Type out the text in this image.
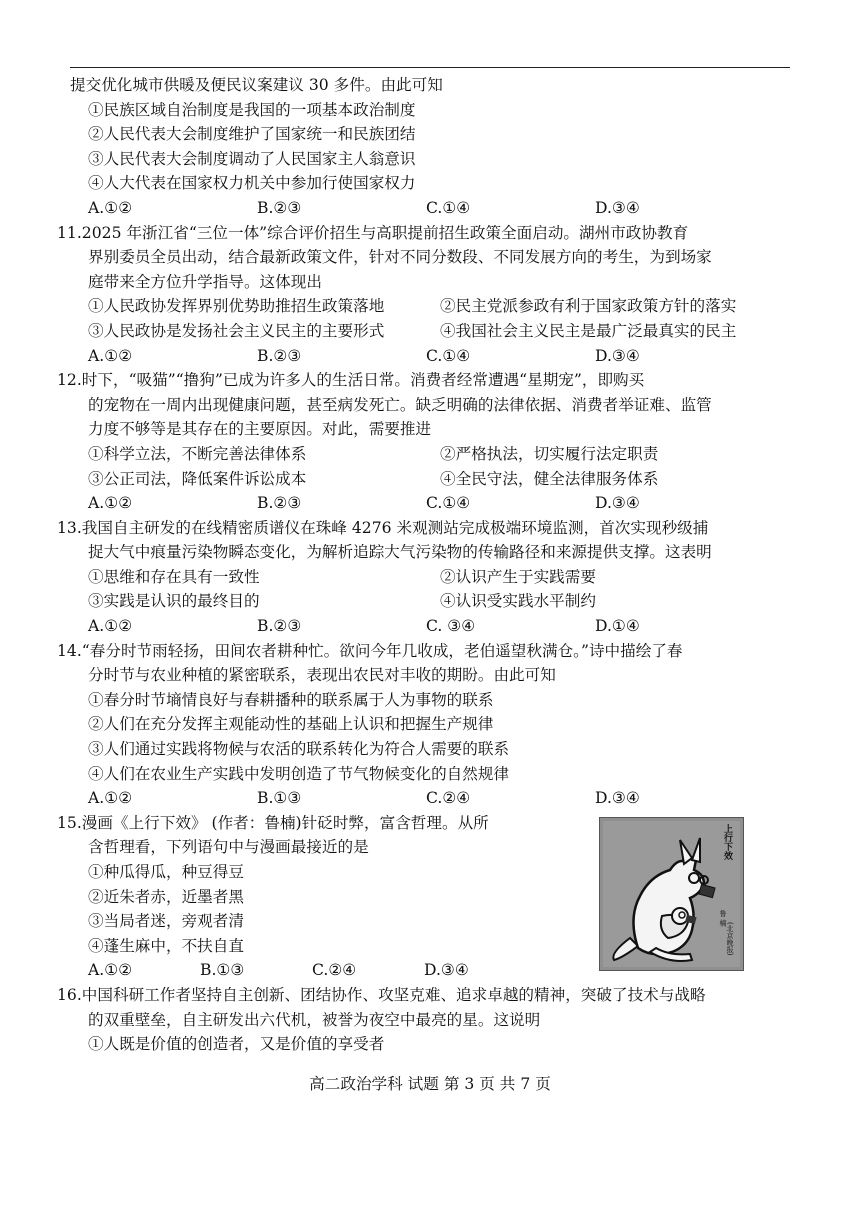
提交优化城市供暖及便民议案建议 30 多件。由此可知
①民族区域自治制度是我国的一项基本政治制度
②人民代表大会制度维护了国家统一和民族团结
③人民代表大会制度调动了人民国家主人翁意识
④人大代表在国家权力机关中参加行使国家权力
A.①②	B.②③	C.①④	D.③④
11.2025 年浙江省“三位一体”综合评价招生与高职提前招生政策全面启动。湖州市政协教育
界别委员全员出动，结合最新政策文件，针对不同分数段、不同发展方向的考生，为到场家
庭带来全方位升学指导。这体现出
①人民政协发挥界别优势助推招生政策落地	②民主党派参政有利于国家政策方针的落实
③人民政协是发扬社会主义民主的主要形式	④我国社会主义民主是最广泛最真实的民主
A.①②	B.②③	C.①④	D.③④
12.时下，“吸猫”“撸狗”已成为许多人的生活日常。消费者经常遭遇“星期宠”，即购买
的宠物在一周内出现健康问题，甚至病发死亡。缺乏明确的法律依据、消费者举证难、监管
力度不够等是其存在的主要原因。对此，需要推进
①科学立法，不断完善法律体系	②严格执法，切实履行法定职责
③公正司法，降低案件诉讼成本	④全民守法，健全法律服务体系
A.①②	B.②③	C.①④	D.③④
13.我国自主研发的在线精密质谱仪在珠峰 4276 米观测站完成极端环境监测，首次实现秒级捕
捉大气中痕量污染物瞬态变化，为解析追踪大气污染物的传输路径和来源提供支撑。这表明
①思维和存在具有一致性	②认识产生于实践需要
③实践是认识的最终目的	④认识受实践水平制约
A.①②	B.②③	C. ③④	D.①④
14.“春分时节雨轻扬，田间农者耕种忙。欲问今年几收成，老伯遥望秋满仓。”诗中描绘了春
分时节与农业种植的紧密联系，表现出农民对丰收的期盼。由此可知
①春分时节墒情良好与春耕播种的联系属于人为事物的联系
②人们在充分发挥主观能动性的基础上认识和把握生产规律
③人们通过实践将物候与农活的联系转化为符合人需要的联系
④人们在农业生产实践中发明创造了节气物候变化的自然规律
A.①②	B.①③	C.②④	D.③④
15.漫画《上行下效》 (作者：鲁楠)针砭时弊，富含哲理。从所
含哲理看，下列语句中与漫画最接近的是
①种瓜得瓜，种豆得豆
②近朱者赤，近墨者黑
③当局者迷，旁观者清
④蓬生麻中，不扶自直
A.①②	B.①③	C.②④	D.③④
上行下效
鲁 楠
(北京晚报)
16.中国科研工作者坚持自主创新、团结协作、攻坚克难、追求卓越的精神，突破了技术与战略
的双重壁垒，自主研发出六代机，被誉为夜空中最亮的星。这说明
①人既是价值的创造者，又是价值的享受者
高二政治学科 试题 第 3 页 共 7 页
